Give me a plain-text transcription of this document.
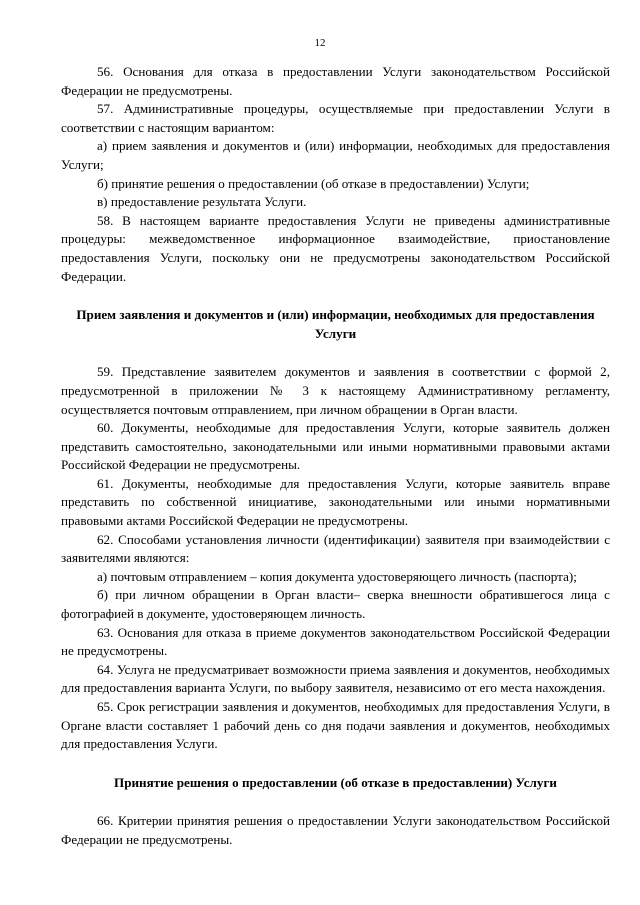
12

56. Основания для отказа в предоставлении Услуги законодательством Российской Федерации не предусмотрены.

57. Административные процедуры, осуществляемые при предоставлении Услуги в соответствии с настоящим вариантом:

а) прием заявления и документов и (или) информации, необходимых для предоставления Услуги;

б) принятие решения о предоставлении (об отказе в предоставлении) Услуги;

в) предоставление результата Услуги.

58. В настоящем варианте предоставления Услуги не приведены административные процедуры: межведомственное информационное взаимодействие, приостановление предоставления Услуги, поскольку они не предусмотрены законодательством Российской Федерации.

Прием заявления и документов и (или) информации, необходимых для предоставления Услуги

59. Представление заявителем документов и заявления в соответствии с формой 2, предусмотренной в приложении № 3 к настоящему Административному регламенту, осуществляется почтовым отправлением, при личном обращении в Орган власти.

60. Документы, необходимые для предоставления Услуги, которые заявитель должен представить самостоятельно, законодательными или иными нормативными правовыми актами Российской Федерации не предусмотрены.

61. Документы, необходимые для предоставления Услуги, которые заявитель вправе представить по собственной инициативе, законодательными или иными нормативными правовыми актами Российской Федерации не предусмотрены.

62. Способами установления личности (идентификации) заявителя при взаимодействии с заявителями являются:

а) почтовым отправлением – копия документа удостоверяющего личность (паспорта);

б) при личном обращении в Орган власти– сверка внешности обратившегося лица с фотографией в документе, удостоверяющем личность.

63. Основания для отказа в приеме документов законодательством Российской Федерации не предусмотрены.

64. Услуга не предусматривает возможности приема заявления и документов, необходимых для предоставления варианта Услуги, по выбору заявителя, независимо от его места нахождения.

65. Срок регистрации заявления и документов, необходимых для предоставления Услуги, в Органе власти составляет 1 рабочий день со дня подачи заявления и документов, необходимых для предоставления Услуги.

Принятие решения о предоставлении (об отказе в предоставлении) Услуги

66. Критерии принятия решения о предоставлении Услуги законодательством Российской Федерации не предусмотрены.
